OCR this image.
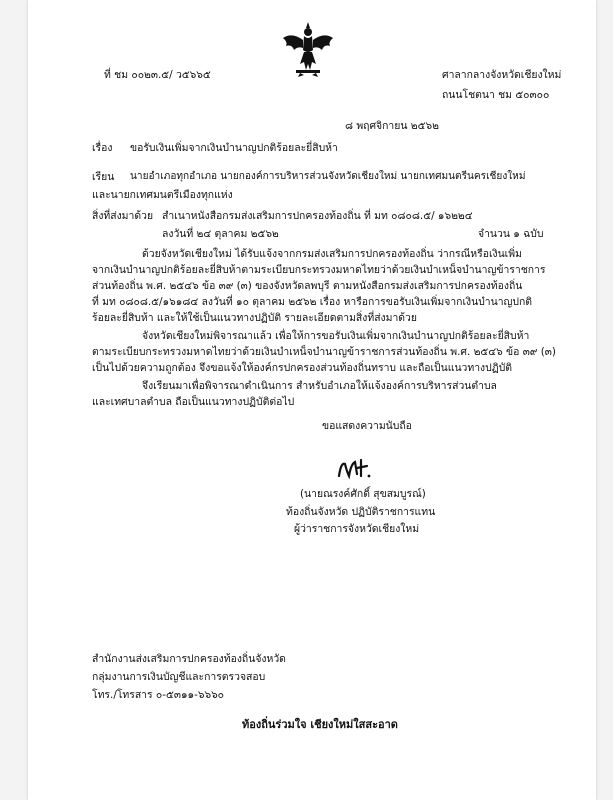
ที่ ชม ๐๐๒๓.๕/ ว๕๖๖๕	ศาลากลางจังหวัดเชียงใหม่
ถนนโชตนา ชม ๕๐๓๐๐
๘ พฤศจิกายน ๒๕๖๒
เรื่อง ขอรับเงินเพิ่มจากเงินบำนาญปกติร้อยละยี่สิบห้า
เรียน นายอำเภอทุกอำเภอ นายกองค์การบริหารส่วนจังหวัดเชียงใหม่ นายกเทศมนตรีนครเชียงใหม่
และนายกเทศมนตรีเมืองทุกแห่ง
สิ่งที่ส่งมาด้วย สำเนาหนังสือกรมส่งเสริมการปกครองท้องถิ่น ที่ มท ๐๘๐๘.๕/ ๑๖๒๒๔
ลงวันที่ ๒๔ ตุลาคม ๒๕๖๒	จำนวน ๑ ฉบับ
ด้วยจังหวัดเชียงใหม่ ได้รับแจ้งจากกรมส่งเสริมการปกครองท้องถิ่น ว่ากรณีหรือเงินเพิ่ม
จากเงินบำนาญปกติร้อยละยี่สิบห้าตามระเบียบกระทรวงมหาดไทยว่าด้วยเงินบำเหน็จบำนาญข้าราชการ
ส่วนท้องถิ่น พ.ศ. ๒๕๔๖ ข้อ ๓๙ (๓) ของจังหวัดลพบุรี ตามหนังสือกรมส่งเสริมการปกครองท้องถิ่น
ที่ มท ๐๘๐๘.๕/๑๖๑๘๔ ลงวันที่ ๑๐ ตุลาคม ๒๕๖๒ เรื่อง หารือการขอรับเงินเพิ่มจากเงินบำนาญปกติ
ร้อยละยี่สิบห้า และให้ใช้เป็นแนวทางปฏิบัติ รายละเอียดตามสิ่งที่ส่งมาด้วย
จังหวัดเชียงใหม่พิจารณาแล้ว เพื่อให้การขอรับเงินเพิ่มจากเงินบำนาญปกติร้อยละยี่สิบห้า
ตามระเบียบกระทรวงมหาดไทยว่าด้วยเงินบำเหน็จบำนาญข้าราชการส่วนท้องถิ่น พ.ศ. ๒๕๔๖ ข้อ ๓๙ (๓)
เป็นไปด้วยความถูกต้อง จึงขอแจ้งให้องค์กรปกครองส่วนท้องถิ่นทราบ และถือเป็นแนวทางปฏิบัติ
จึงเรียนมาเพื่อพิจารณาดำเนินการ สำหรับอำเภอให้แจ้งองค์การบริหารส่วนตำบล
และเทศบาลตำบล ถือเป็นแนวทางปฏิบัติต่อไป
ขอแสดงความนับถือ
(นายณรงค์ศักดิ์ สุขสมบูรณ์)
ท้องถิ่นจังหวัด ปฏิบัติราชการแทน
ผู้ว่าราชการจังหวัดเชียงใหม่
สำนักงานส่งเสริมการปกครองท้องถิ่นจังหวัด
กลุ่มงานการเงินบัญชีและการตรวจสอบ
โทร./โทรสาร ๐-๕๓๑๑-๖๖๖๐
ท้องถิ่นร่วมใจ เชียงใหม่ใสสะอาด
